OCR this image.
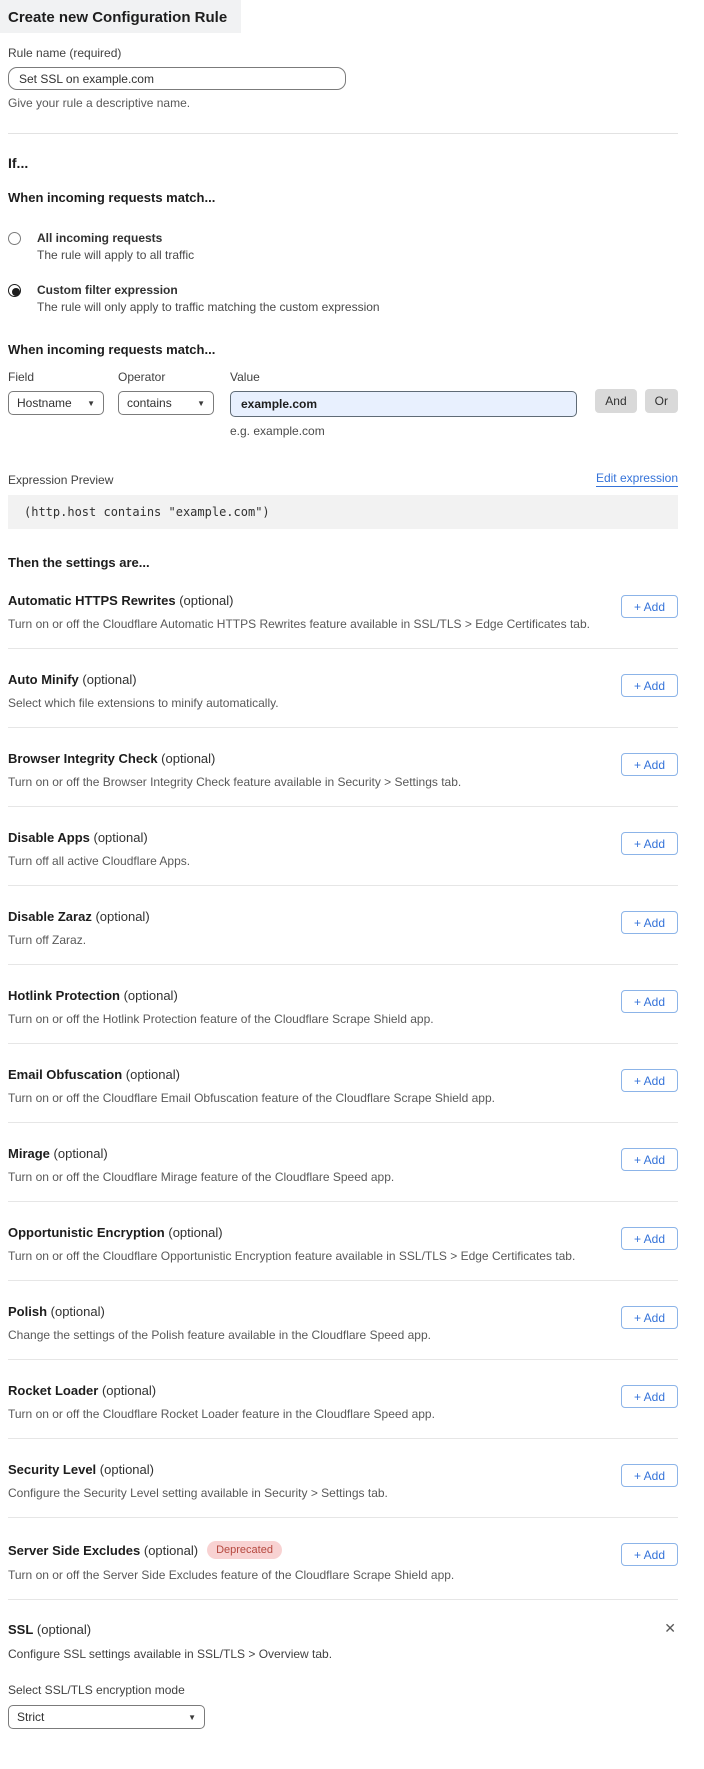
Create new Configuration Rule
Rule name (required)
Set SSL on example.com
Give your rule a descriptive name.
If...
When incoming requests match...
All incoming requests
The rule will apply to all traffic
Custom filter expression
The rule will only apply to traffic matching the custom expression
When incoming requests match...
Field
Hostname ▼
Operator
contains	▼
Value
example.com
e.g. example.com
And	Or
Expression Preview	Edit expression
(http.host contains "example.com")
Then the settings are...
Automatic HTTPS Rewrites (optional)
Turn on or off the Cloudflare Automatic HTTPS Rewrites feature available in SSL/TLS > Edge Certificates tab.
+ Add
Auto Minify (optional)
Select which file extensions to minify automatically.
+ Add
Browser Integrity Check (optional)
Turn on or off the Browser Integrity Check feature available in Security > Settings tab.
+ Add
Disable Apps (optional)
Turn off all active Cloudflare Apps.
+ Add
Disable Zaraz (optional)
Turn off Zaraz.
+ Add
Hotlink Protection (optional)
Turn on or off the Hotlink Protection feature of the Cloudflare Scrape Shield app.
+ Add
Email Obfuscation (optional)
Turn on or off the Cloudflare Email Obfuscation feature of the Cloudflare Scrape Shield app.
+ Add
Mirage (optional)
Turn on or off the Cloudflare Mirage feature of the Cloudflare Speed app.
+ Add
Opportunistic Encryption (optional)
Turn on or off the Cloudflare Opportunistic Encryption feature available in SSL/TLS > Edge Certificates tab.
+ Add
Polish (optional)
Change the settings of the Polish feature available in the Cloudflare Speed app.
+ Add
Rocket Loader (optional)
Turn on or off the Cloudflare Rocket Loader feature in the Cloudflare Speed app.
+ Add
Security Level (optional)
Configure the Security Level setting available in Security > Settings tab.
+ Add
Server Side Excludes (optional)	Deprecated
Turn on or off the Server Side Excludes feature of the Cloudflare Scrape Shield app.
+ Add
SSL (optional)	✕
Configure SSL settings available in SSL/TLS > Overview tab.
Select SSL/TLS encryption mode
Strict	▼
